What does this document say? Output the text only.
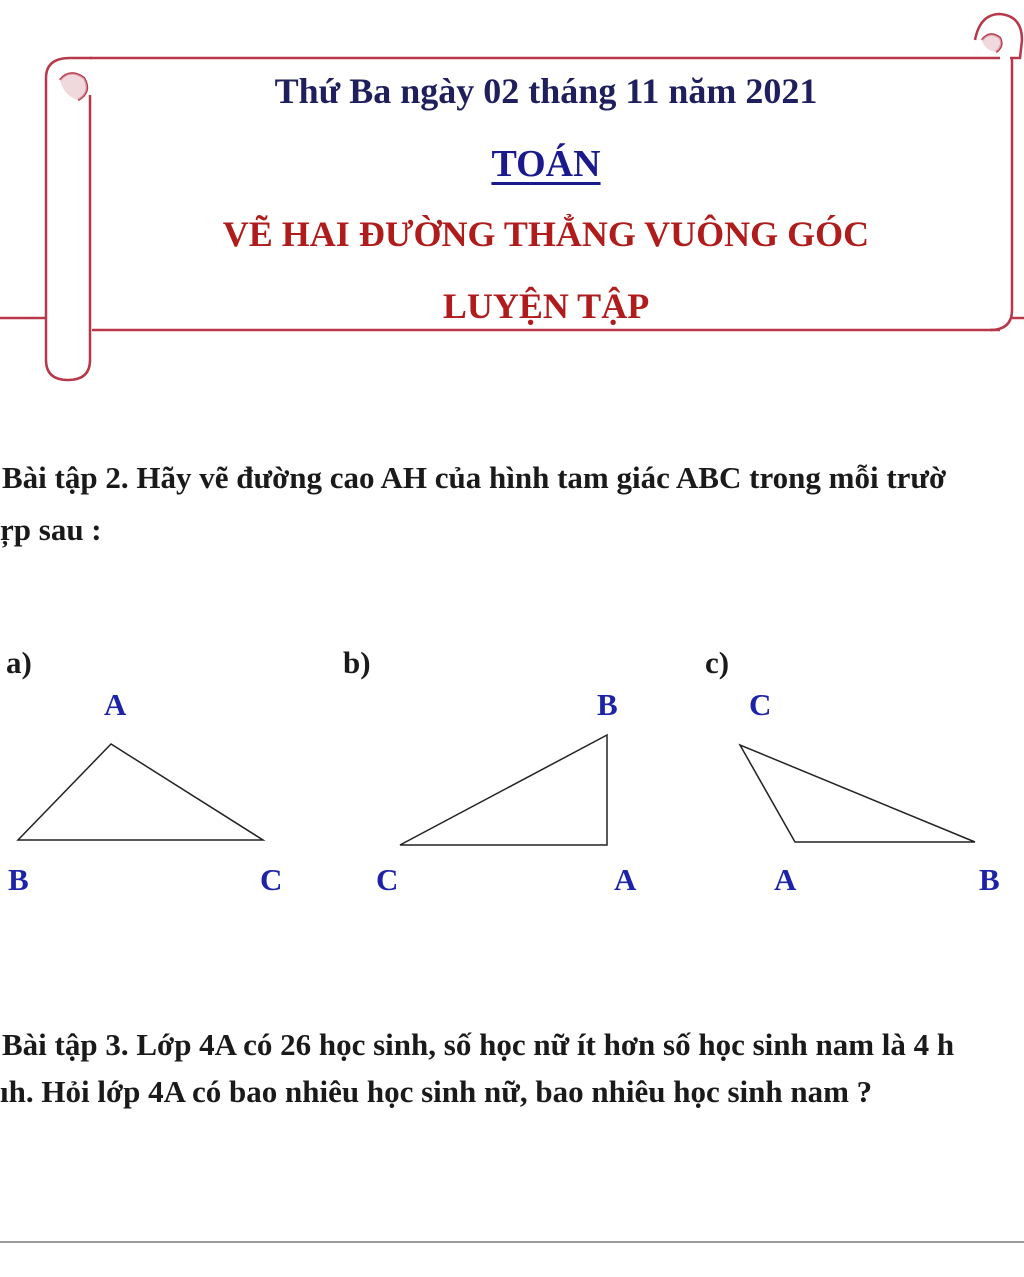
Thứ Ba ngày 02 tháng 11 năm 2021

TOÁN

VẼ HAI ĐƯỜNG THẲNG VUÔNG GÓC

LUYỆN TẬP

Bài tập 2. Hãy vẽ đường cao AH của hình tam giác ABC trong mỗi trườ

ŗp sau :

a)	b)	c)

A

B	C

B

C	A

C

A	B

Bài tập 3. Lớp 4A có 26 học sinh, số học nữ ít hơn số học sinh nam là 4 h

ıh. Hỏi lớp 4A có bao nhiêu học sinh nữ, bao nhiêu học sinh nam ?
